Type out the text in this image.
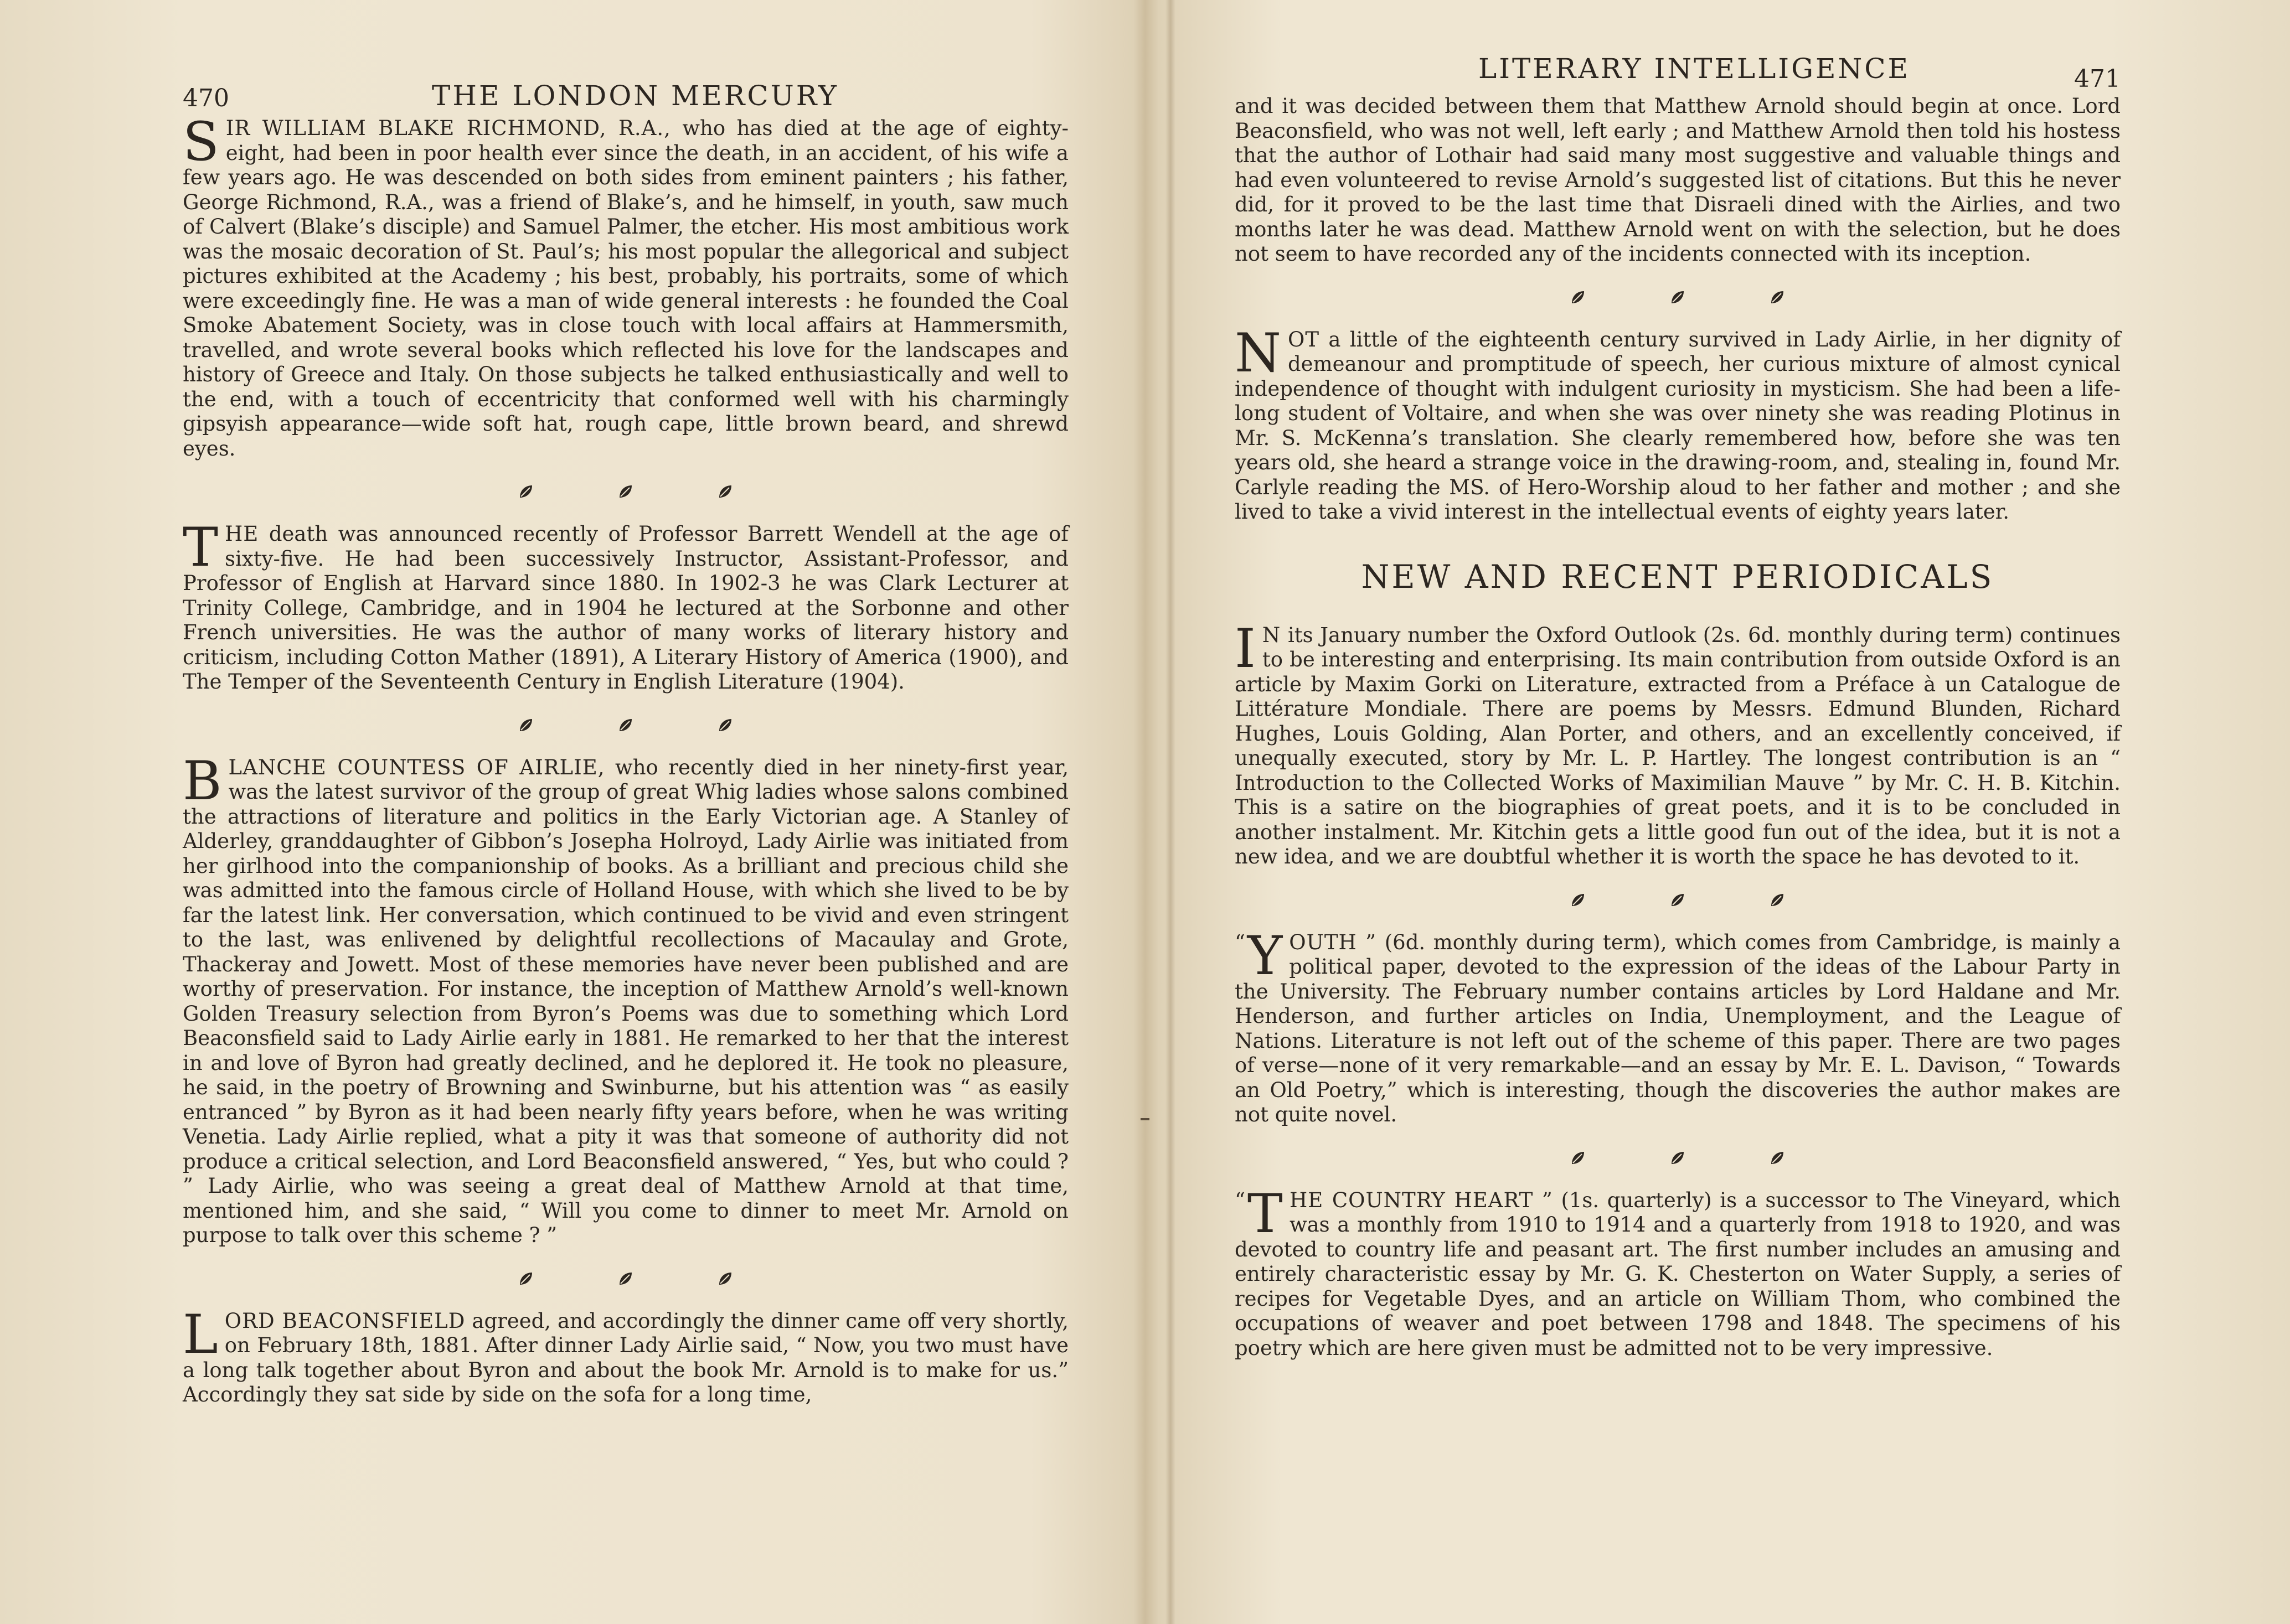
470	THE LONDON MERCURY

SIR WILLIAM BLAKE RICHMOND, R.A., who has died at the age of eighty-eight, had been in poor health ever since the death, in an accident, of his wife a few years ago. He was descended on both sides from eminent painters ; his father, George Richmond, R.A., was a friend of Blake’s, and he himself, in youth, saw much of Calvert (Blake’s disciple) and Samuel Palmer, the etcher. His most ambitious work was the mosaic decoration of St. Paul’s; his most popular the allegorical and subject pictures exhibited at the Academy ; his best, probably, his portraits, some of which were exceedingly fine. He was a man of wide general interests : he founded the Coal Smoke Abatement Society, was in close touch with local affairs at Hammersmith, travelled, and wrote several books which reflected his love for the landscapes and history of Greece and Italy. On those subjects he talked enthusiastically and well to the end, with a touch of eccentricity that conformed well with his charmingly gipsyish appearance—wide soft hat, rough cape, little brown beard, and shrewd eyes.

THE death was announced recently of Professor Barrett Wendell at the age of sixty-five. He had been successively Instructor, Assistant-Professor, and Professor of English at Harvard since 1880. In 1902-3 he was Clark Lecturer at Trinity College, Cambridge, and in 1904 he lectured at the Sorbonne and other French universities. He was the author of many works of literary history and criticism, including Cotton Mather (1891), A Literary History of America (1900), and The Temper of the Seventeenth Century in English Literature (1904).

BLANCHE COUNTESS OF AIRLIE, who recently died in her ninety-first year, was the latest survivor of the group of great Whig ladies whose salons combined the attractions of literature and politics in the Early Victorian age. A Stanley of Alderley, granddaughter of Gibbon’s Josepha Holroyd, Lady Airlie was initiated from her girlhood into the companionship of books. As a brilliant and precious child she was admitted into the famous circle of Holland House, with which she lived to be by far the latest link. Her conversation, which continued to be vivid and even stringent to the last, was enlivened by delightful recollections of Macaulay and Grote, Thackeray and Jowett. Most of these memories have never been published and are worthy of preservation. For instance, the inception of Matthew Arnold’s well-known Golden Treasury selection from Byron’s Poems was due to something which Lord Beaconsfield said to Lady Airlie early in 1881. He remarked to her that the interest in and love of Byron had greatly declined, and he deplored it. He took no pleasure, he said, in the poetry of Browning and Swinburne, but his attention was “ as easily entranced ” by Byron as it had been nearly fifty years before, when he was writing Venetia. Lady Airlie replied, what a pity it was that someone of authority did not produce a critical selection, and Lord Beaconsfield answered, “ Yes, but who could ? ” Lady Airlie, who was seeing a great deal of Matthew Arnold at that time, mentioned him, and she said, “ Will you come to dinner to meet Mr. Arnold on purpose to talk over this scheme ? ”

LORD BEACONSFIELD agreed, and accordingly the dinner came off very shortly, on February 18th, 1881. After dinner Lady Airlie said, “ Now, you two must have a long talk together about Byron and about the book Mr. Arnold is to make for us.” Accordingly they sat side by side on the sofa for a long time,

LITERARY INTELLIGENCE	471

and it was decided between them that Matthew Arnold should begin at once. Lord Beaconsfield, who was not well, left early ; and Matthew Arnold then told his hostess that the author of Lothair had said many most suggestive and valuable things and had even volunteered to revise Arnold’s suggested list of citations. But this he never did, for it proved to be the last time that Disraeli dined with the Airlies, and two months later he was dead. Matthew Arnold went on with the selection, but he does not seem to have recorded any of the incidents connected with its inception.

NOT a little of the eighteenth century survived in Lady Airlie, in her dignity of demeanour and promptitude of speech, her curious mixture of almost cynical independence of thought with indulgent curiosity in mysticism. She had been a life-long student of Voltaire, and when she was over ninety she was reading Plotinus in Mr. S. McKenna’s translation. She clearly remembered how, before she was ten years old, she heard a strange voice in the drawing-room, and, stealing in, found Mr. Carlyle reading the MS. of Hero-Worship aloud to her father and mother ; and she lived to take a vivid interest in the intellectual events of eighty years later.

NEW AND RECENT PERIODICALS

I N its January number the Oxford Outlook (2s. 6d. monthly during term) continues to be interesting and enterprising. Its main contribution from outside Oxford is an article by Maxim Gorki on Literature, extracted from a Préface à un Catalogue de Littérature Mondiale. There are poems by Messrs. Edmund Blunden, Richard Hughes, Louis Golding, Alan Porter, and others, and an excellently conceived, if unequally executed, story by Mr. L. P. Hartley. The longest contribution is an “ Introduction to the Collected Works of Maximilian Mauve ” by Mr. C. H. B. Kitchin. This is a satire on the biographies of great poets, and it is to be concluded in another instalment. Mr. Kitchin gets a little good fun out of the idea, but it is not a new idea, and we are doubtful whether it is worth the space he has devoted to it.

“ Y OUTH ” (6d. monthly during term), which comes from Cambridge, is mainly a political paper, devoted to the expression of the ideas of the Labour Party in the University. The February number contains articles by Lord Haldane and Mr. Henderson, and further articles on India, Unemployment, and the League of Nations. Literature is not left out of the scheme of this paper. There are two pages of verse—none of it very remarkable—and an essay by Mr. E. L. Davison, “ Towards an Old Poetry,” which is interesting, though the discoveries the author makes are not quite novel.

“ T HE COUNTRY HEART ” (1s. quarterly) is a successor to The Vineyard, which was a monthly from 1910 to 1914 and a quarterly from 1918 to 1920, and was devoted to country life and peasant art. The first number includes an amusing and entirely characteristic essay by Mr. G. K. Chesterton on Water Supply, a series of recipes for Vegetable Dyes, and an article on William Thom, who combined the occupations of weaver and poet between 1798 and 1848. The specimens of his poetry which are here given must be admitted not to be very impressive.
